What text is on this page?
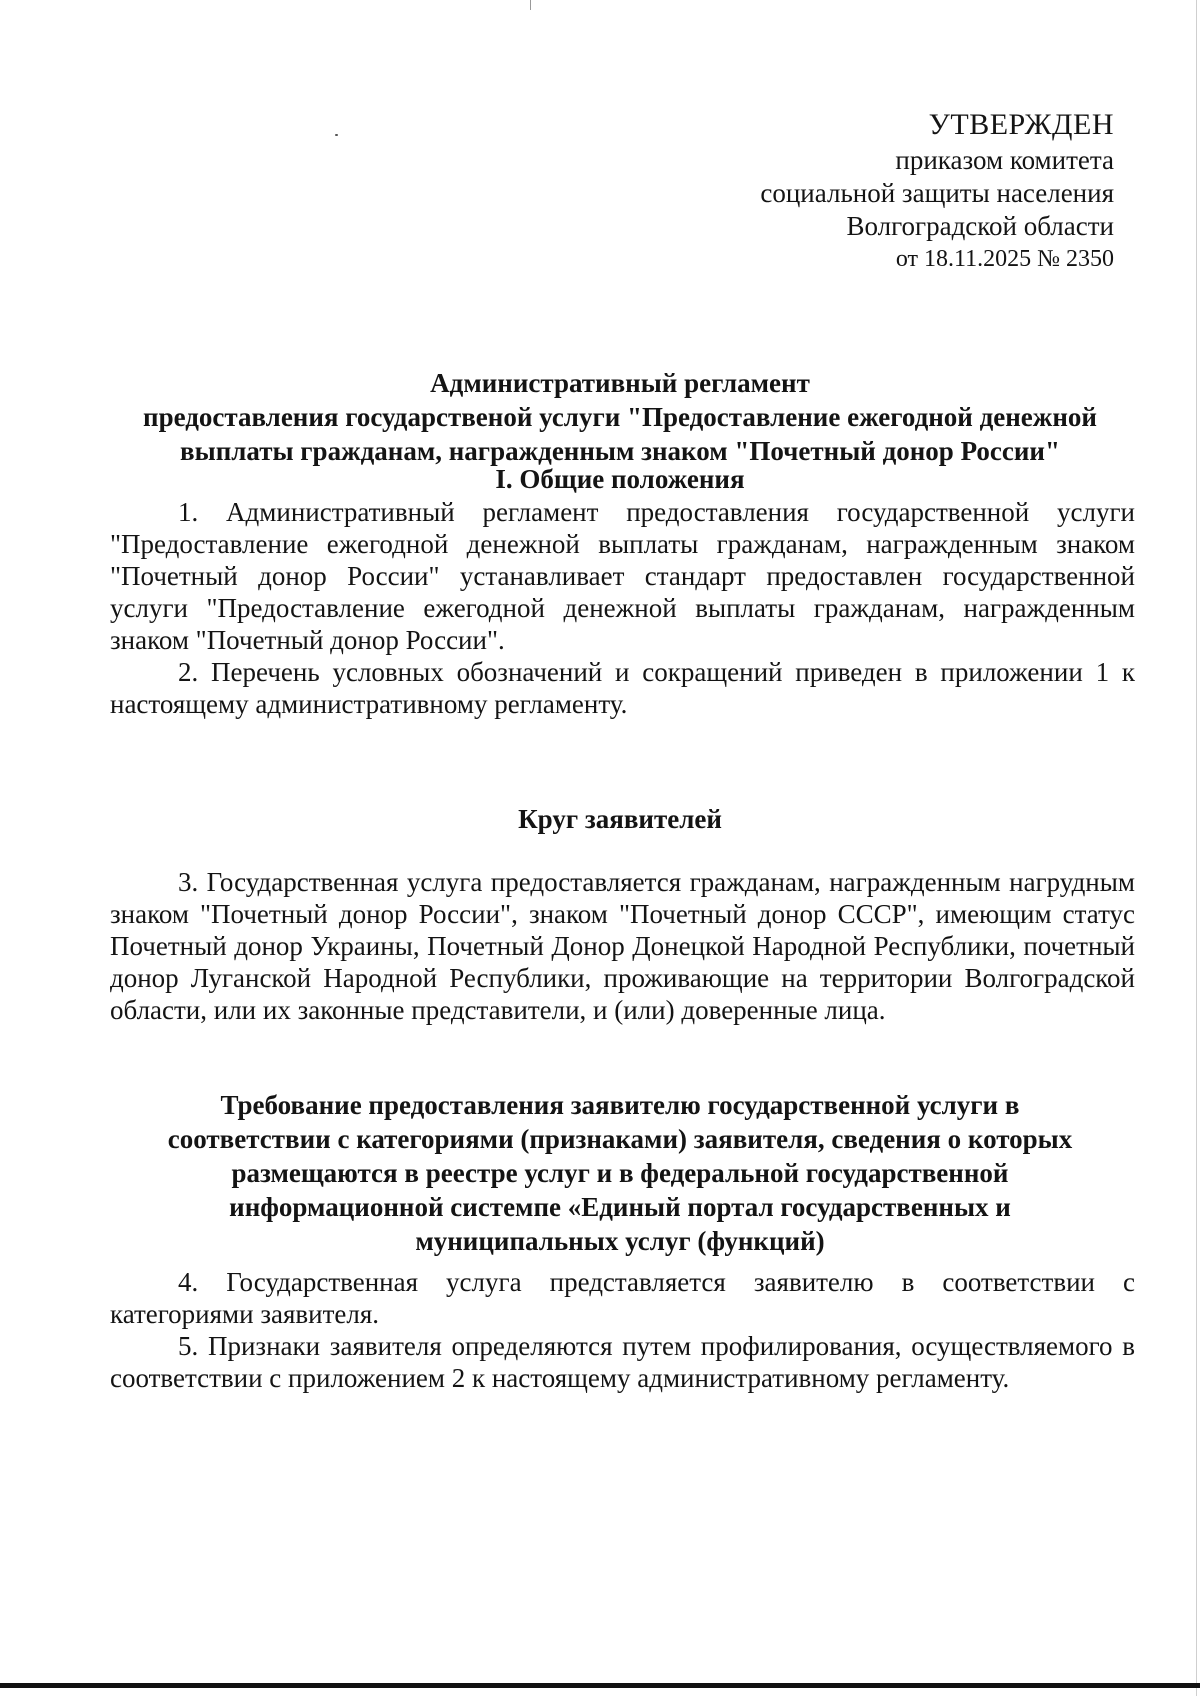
УТВЕРЖДЕН
приказом комитета
социальной защиты населения
Волгоградской области
от 18.11.2025 № 2350
Административный регламент
предоставления государственой услуги "Предоставление ежегодной денежной
выплаты гражданам, награжденным знаком "Почетный донор России"
I. Общие положения

1. Административный регламент предоставления государственной услуги "Предоставление ежегодной денежной выплаты гражданам, награжденным знаком "Почетный донор России" устанавливает стандарт предоставлен государственной услуги "Предоставление ежегодной денежной выплаты гражданам, награжденным знаком "Почетный донор России".

2. Перечень условных обозначений и сокращений приведен в приложении 1 к настоящему административному регламенту.

Круг заявителей

3. Государственная услуга предоставляется гражданам, награжденным нагрудным знаком "Почетный донор России", знаком "Почетный донор СССР", имеющим статус Почетный донор Украины, Почетный Донор Донецкой Народной Республики, почетный донор Луганской Народной Республики, проживающие на территории Волгоградской области, или их законные представители, и (или) доверенные лица.

Требование предоставления заявителю государственной услуги в
соответствии с категориями (признаками) заявителя, сведения о которых
размещаются в реестре услуг и в федеральной государственной
информационной системпе «Единый портал государственных и
муниципальных услуг (функций)

4. Государственная услуга представляется заявителю в соответствии с категориями заявителя.

5. Признаки заявителя определяются путем профилирования, осуществляемого в соответствии с приложением 2 к настоящему административному регламенту.
